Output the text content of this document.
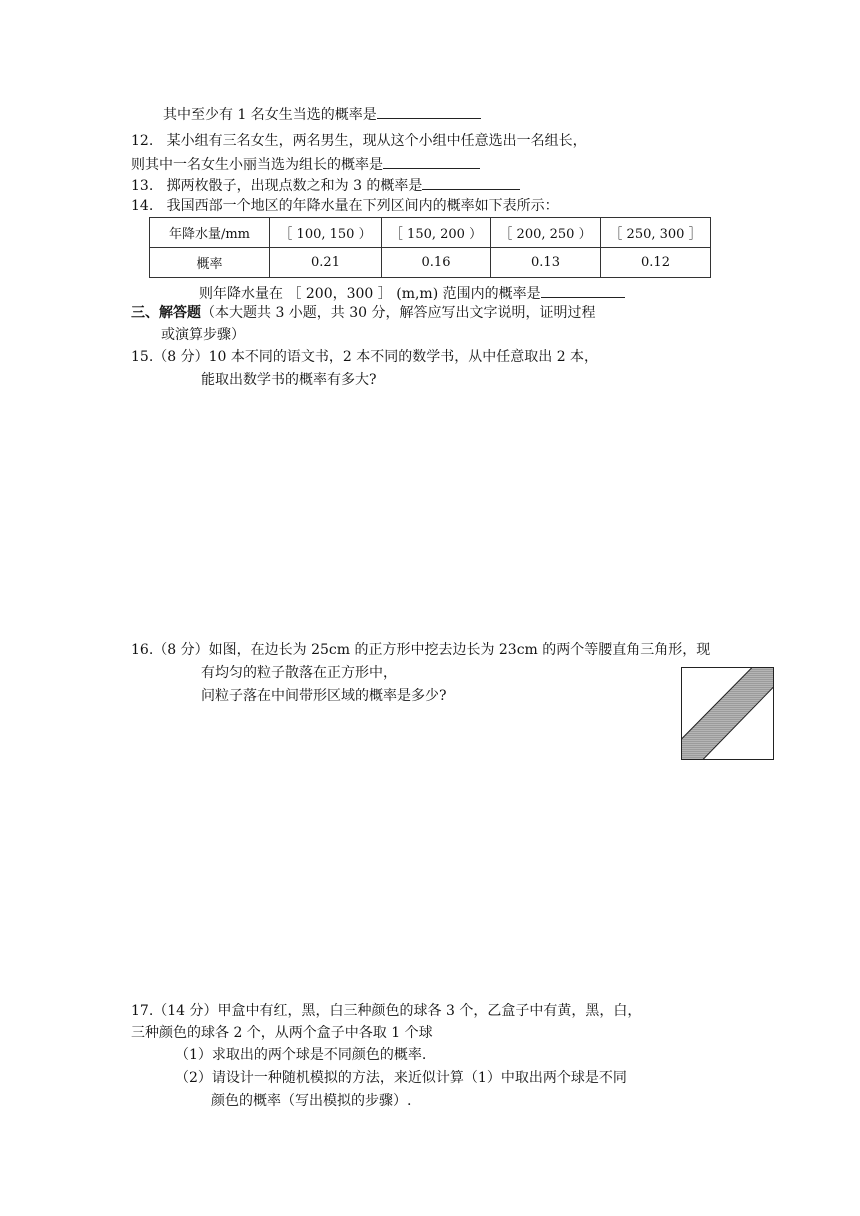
其中至少有 1 名女生当选的概率是
12. 某小组有三名女生，两名男生，现从这个小组中任意选出一名组长，
则其中一名女生小丽当选为组长的概率是
13. 掷两枚骰子，出现点数之和为 3 的概率是
14. 我国西部一个地区的年降水量在下列区间内的概率如下表所示：
年降水量/mm	［ 100, 150 ）	［ 150, 200 ）	［ 200, 250 ）	［ 250, 300 ］
概率	0.21	0.16	0.13	0.12
则年降水量在 ［ 200，300 ］ (m,m) 范围内的概率是
三、解答题（本大题共 3 小题，共 30 分，解答应写出文字说明，证明过程
或演算步骤）
15.（8 分）10 本不同的语文书，2 本不同的数学书，从中任意取出 2 本，
能取出数学书的概率有多大?
16.（8 分）如图，在边长为 25cm 的正方形中挖去边长为 23cm 的两个等腰直角三角形，现
有均匀的粒子散落在正方形中，
问粒子落在中间带形区域的概率是多少?
17.（14 分）甲盒中有红，黑，白三种颜色的球各 3 个，乙盒子中有黄，黑，白，
三种颜色的球各 2 个，从两个盒子中各取 1 个球
（1）求取出的两个球是不同颜色的概率.
（2）请设计一种随机模拟的方法，来近似计算（1）中取出两个球是不同
颜色的概率（写出模拟的步骤）.
